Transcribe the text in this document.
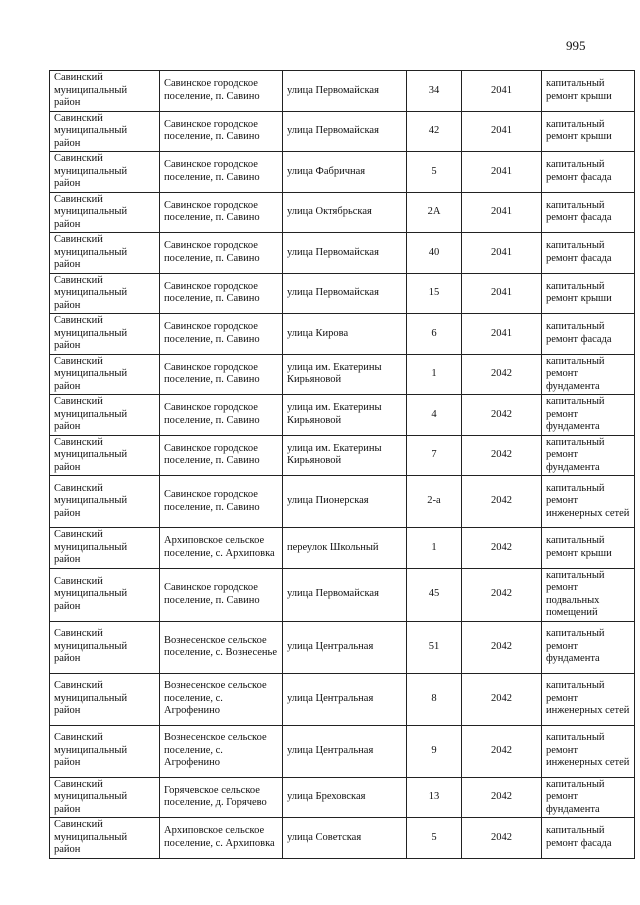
995
Савинский муниципальный район	Савинское городское поселение, п. Савино	улица Первомайская	34	2041	капитальный ремонт крыши
Савинский муниципальный район	Савинское городское поселение, п. Савино	улица Первомайская	42	2041	капитальный ремонт крыши
Савинский муниципальный район	Савинское городское поселение, п. Савино	улица Фабричная	5	2041	капитальный ремонт фасада
Савинский муниципальный район	Савинское городское поселение, п. Савино	улица Октябрьская	2А	2041	капитальный ремонт фасада
Савинский муниципальный район	Савинское городское поселение, п. Савино	улица Первомайская	40	2041	капитальный ремонт фасада
Савинский муниципальный район	Савинское городское поселение, п. Савино	улица Первомайская	15	2041	капитальный ремонт крыши
Савинский муниципальный район	Савинское городское поселение, п. Савино	улица Кирова	6	2041	капитальный ремонт фасада
Савинский муниципальный район	Савинское городское поселение, п. Савино	улица им. Екатерины Кирьяновой	1	2042	капитальный ремонт фундамента
Савинский муниципальный район	Савинское городское поселение, п. Савино	улица им. Екатерины Кирьяновой	4	2042	капитальный ремонт фундамента
Савинский муниципальный район	Савинское городское поселение, п. Савино	улица им. Екатерины Кирьяновой	7	2042	капитальный ремонт фундамента
Савинский муниципальный район	Савинское городское поселение, п. Савино	улица Пионерская	2-а	2042	капитальный ремонт инженерных сетей
Савинский муниципальный район	Архиповское сельское поселение, с. Архиповка	переулок Школьный	1	2042	капитальный ремонт крыши
Савинский муниципальный район	Савинское городское поселение, п. Савино	улица Первомайская	45	2042	капитальный ремонт подвальных помещений
Савинский муниципальный район	Вознесенское сельское поселение, с. Вознесенье	улица Центральная	51	2042	капитальный ремонт фундамента
Савинский муниципальный район	Вознесенское сельское поселение, с. Агрофенино	улица Центральная	8	2042	капитальный ремонт инженерных сетей
Савинский муниципальный район	Вознесенское сельское поселение, с. Агрофенино	улица Центральная	9	2042	капитальный ремонт инженерных сетей
Савинский муниципальный район	Горячевское сельское поселение, д. Горячево	улица Бреховская	13	2042	капитальный ремонт фундамента
Савинский муниципальный район	Архиповское сельское поселение, с. Архиповка	улица Советская	5	2042	капитальный ремонт фасада
